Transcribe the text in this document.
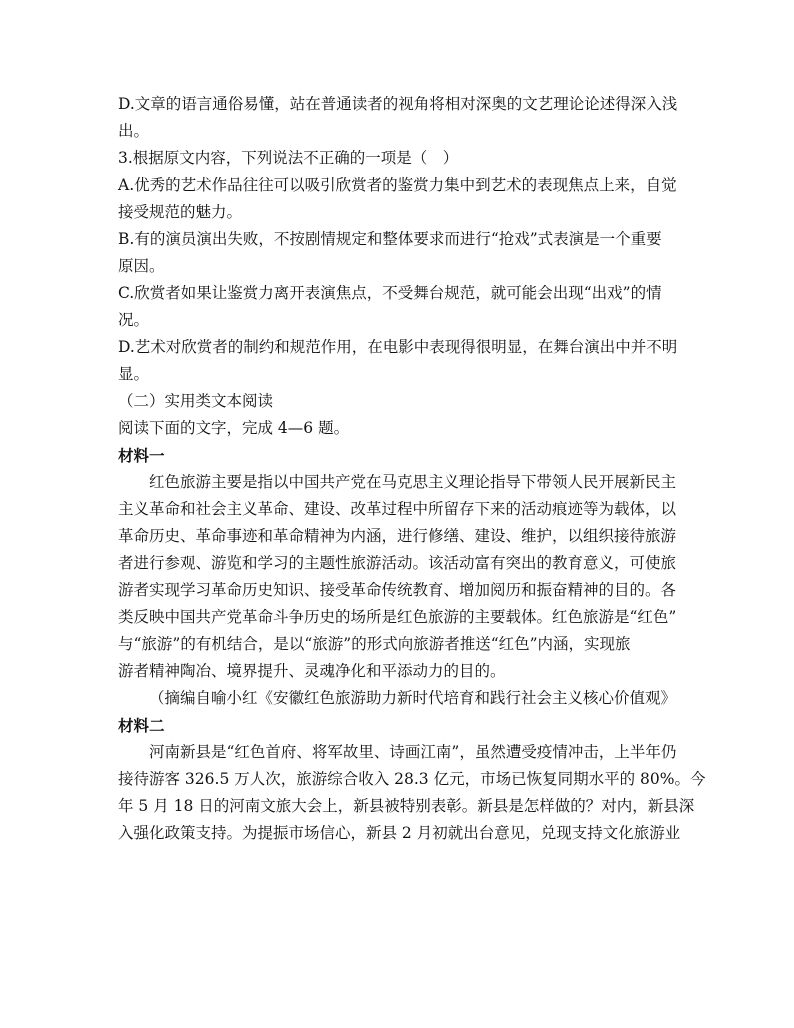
D.文章的语言通俗易懂，站在普通读者的视角将相对深奥的文艺理论论述得深入浅

出。

3.根据原文内容，下列说法不正确的一项是（　）

A.优秀的艺术作品往往可以吸引欣赏者的鉴赏力集中到艺术的表现焦点上来，自觉

接受规范的魅力。

B.有的演员演出失败，不按剧情规定和整体要求而进行“抢戏”式表演是一个重要

原因。

C.欣赏者如果让鉴赏力离开表演焦点，不受舞台规范，就可能会出现“出戏”的情

况。

D.艺术对欣赏者的制约和规范作用，在电影中表现得很明显，在舞台演出中并不明

显。

（二）实用类文本阅读

阅读下面的文字，完成 4—6 题。

材料一

红色旅游主要是指以中国共产党在马克思主义理论指导下带领人民开展新民主

主义革命和社会主义革命、建设、改革过程中所留存下来的活动痕迹等为载体，以

革命历史、革命事迹和革命精神为内涵，进行修缮、建设、维护，以组织接待旅游

者进行参观、游览和学习的主题性旅游活动。该活动富有突出的教育意义，可使旅

游者实现学习革命历史知识、接受革命传统教育、增加阅历和振奋精神的目的。各

类反映中国共产党革命斗争历史的场所是红色旅游的主要载体。红色旅游是“红色”

与“旅游”的有机结合，是以“旅游”的形式向旅游者推送“红色”内涵，实现旅

游者精神陶冶、境界提升、灵魂净化和平添动力的目的。

（摘编自喻小红《安徽红色旅游助力新时代培育和践行社会主义核心价值观》

材料二

河南新县是“红色首府、将军故里、诗画江南”，虽然遭受疫情冲击，上半年仍

接待游客 326.5 万人次，旅游综合收入 28.3 亿元，市场已恢复同期水平的 80%。今

年 5 月 18 日的河南文旅大会上，新县被特别表彰。新县是怎样做的？对内，新县深

入强化政策支持。为提振市场信心，新县 2 月初就出台意见，兑现支持文化旅游业
